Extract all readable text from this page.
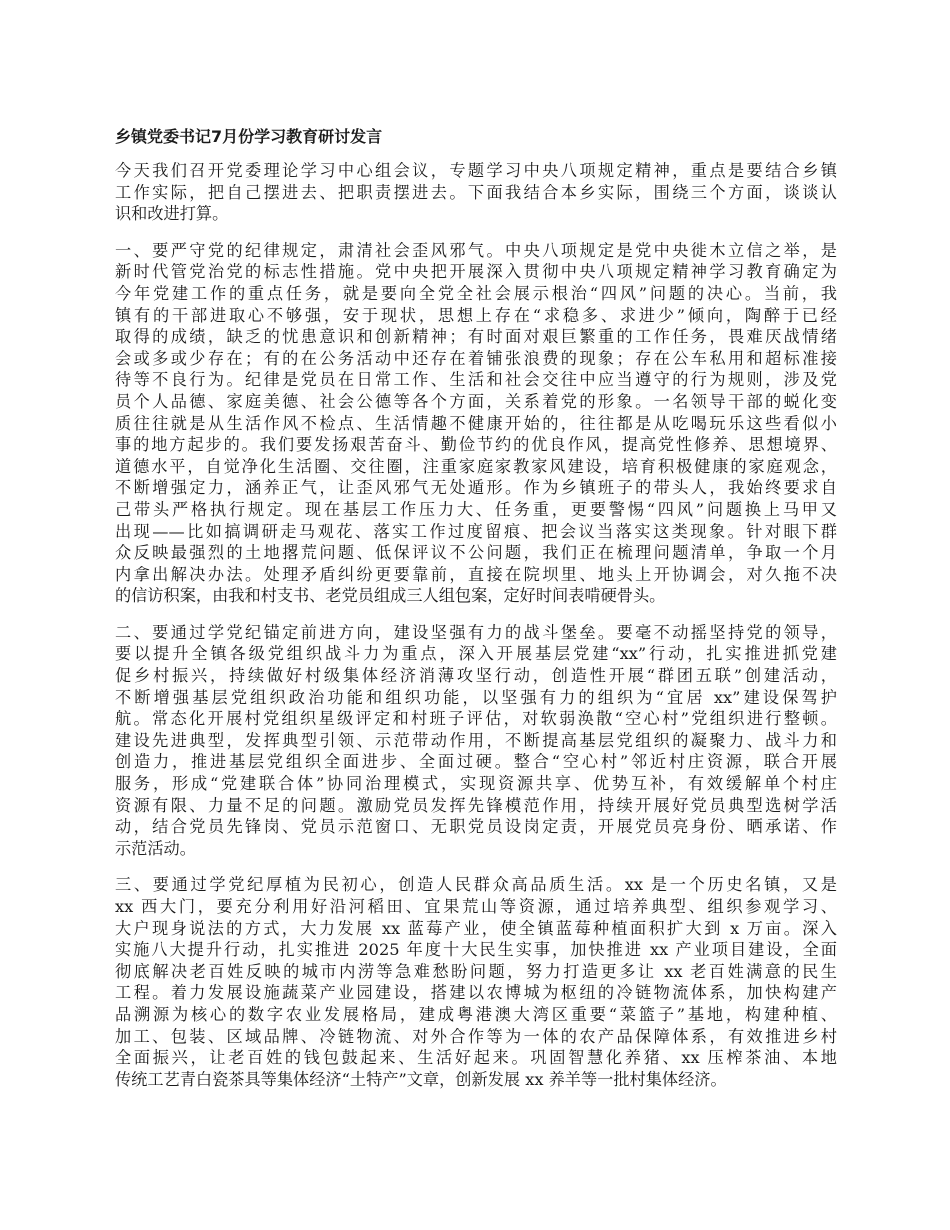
乡镇党委书记7月份学习教育研讨发言
今天我们召开党委理论学习中心组会议，专题学习中央八项规定精神，重点是要结合乡镇
工作实际，把自己摆进去、把职责摆进去。下面我结合本乡实际，围绕三个方面，谈谈认
识和改进打算。
一、要严守党的纪律规定，肃清社会歪风邪气。中央八项规定是党中央徙木立信之举，是
新时代管党治党的标志性措施。党中央把开展深入贯彻中央八项规定精神学习教育确定为
今年党建工作的重点任务，就是要向全党全社会展示根治“四风”问题的决心。当前，我
镇有的干部进取心不够强，安于现状，思想上存在“求稳多、求进少”倾向，陶醉于已经
取得的成绩，缺乏的忧患意识和创新精神；有时面对艰巨繁重的工作任务，畏难厌战情绪
会或多或少存在；有的在公务活动中还存在着铺张浪费的现象；存在公车私用和超标准接
待等不良行为。纪律是党员在日常工作、生活和社会交往中应当遵守的行为规则，涉及党
员个人品德、家庭美德、社会公德等各个方面，关系着党的形象。一名领导干部的蜕化变
质往往就是从生活作风不检点、生活情趣不健康开始的，往往都是从吃喝玩乐这些看似小
事的地方起步的。我们要发扬艰苦奋斗、勤俭节约的优良作风，提高党性修养、思想境界、
道德水平，自觉净化生活圈、交往圈，注重家庭家教家风建设，培育积极健康的家庭观念，
不断增强定力，涵养正气，让歪风邪气无处遁形。作为乡镇班子的带头人，我始终要求自
己带头严格执行规定。现在基层工作压力大、任务重，更要警惕“四风”问题换上马甲又
出现——比如搞调研走马观花、落实工作过度留痕、把会议当落实这类现象。针对眼下群
众反映最强烈的土地撂荒问题、低保评议不公问题，我们正在梳理问题清单，争取一个月
内拿出解决办法。处理矛盾纠纷更要靠前，直接在院坝里、地头上开协调会，对久拖不决
的信访积案，由我和村支书、老党员组成三人组包案，定好时间表啃硬骨头。
二、要通过学党纪锚定前进方向，建设坚强有力的战斗堡垒。要毫不动摇坚持党的领导，
要以提升全镇各级党组织战斗力为重点，深入开展基层党建“xx”行动，扎实推进抓党建
促乡村振兴，持续做好村级集体经济消薄攻坚行动，创造性开展“群团五联”创建活动，
不断增强基层党组织政治功能和组织功能，以坚强有力的组织为“宜居 xx”建设保驾护
航。常态化开展村党组织星级评定和村班子评估，对软弱涣散“空心村”党组织进行整顿。
建设先进典型，发挥典型引领、示范带动作用，不断提高基层党组织的凝聚力、战斗力和
创造力，推进基层党组织全面进步、全面过硬。整合“空心村”邻近村庄资源，联合开展
服务，形成“党建联合体”协同治理模式，实现资源共享、优势互补，有效缓解单个村庄
资源有限、力量不足的问题。激励党员发挥先锋模范作用，持续开展好党员典型选树学活
动，结合党员先锋岗、党员示范窗口、无职党员设岗定责，开展党员亮身份、晒承诺、作
示范活动。
三、要通过学党纪厚植为民初心，创造人民群众高品质生活。xx 是一个历史名镇，又是
xx 西大门，要充分利用好沿河稻田、宜果荒山等资源，通过培养典型、组织参观学习、
大户现身说法的方式，大力发展 xx 蓝莓产业，使全镇蓝莓种植面积扩大到 x 万亩。深入
实施八大提升行动，扎实推进 2025 年度十大民生实事，加快推进 xx 产业项目建设，全面
彻底解决老百姓反映的城市内涝等急难愁盼问题，努力打造更多让 xx 老百姓满意的民生
工程。着力发展设施蔬菜产业园建设，搭建以农博城为枢纽的冷链物流体系，加快构建产
品溯源为核心的数字农业发展格局，建成粤港澳大湾区重要“菜篮子”基地，构建种植、
加工、包装、区域品牌、冷链物流、对外合作等为一体的农产品保障体系，有效推进乡村
全面振兴，让老百姓的钱包鼓起来、生活好起来。巩固智慧化养猪、xx 压榨茶油、本地
传统工艺青白瓷茶具等集体经济“土特产”文章，创新发展 xx 养羊等一批村集体经济。
